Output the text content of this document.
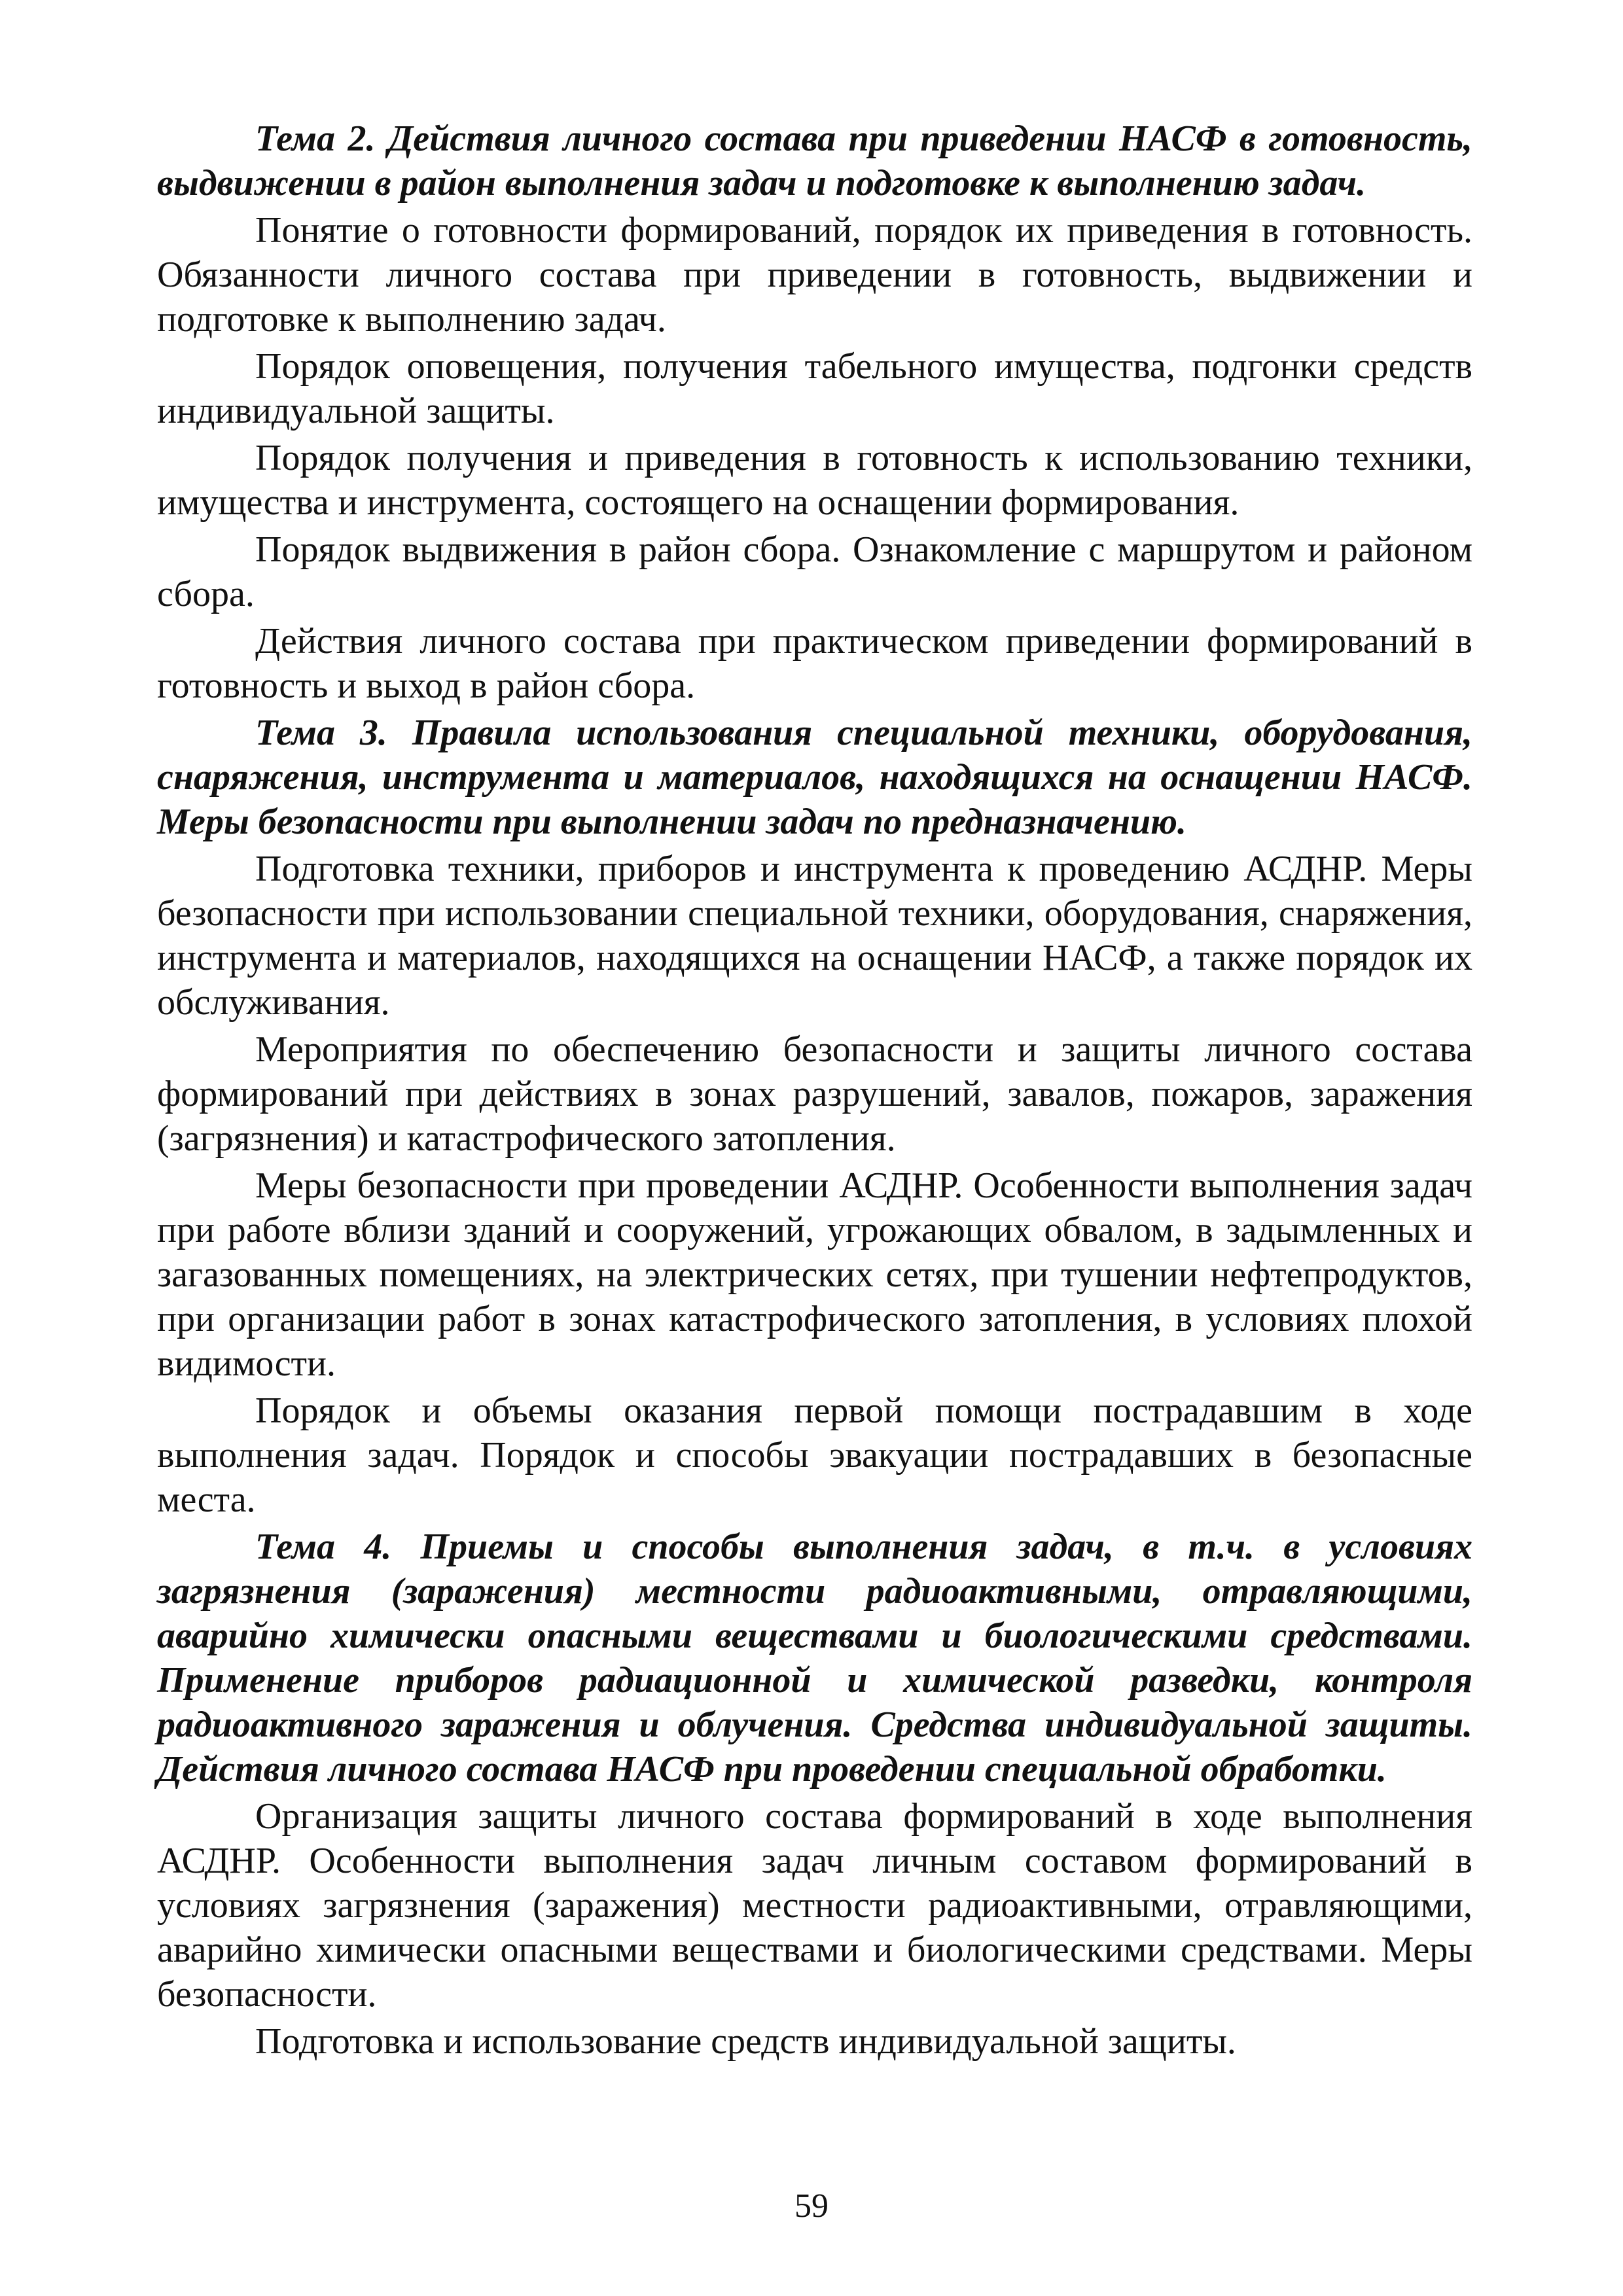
Тема 2. Действия личного состава при приведении НАСФ в готовность, выдвижении в район выполнения задач и подготовке к выполнению задач.

Понятие о готовности формирований, порядок их приведения в готовность. Обязанности личного состава при приведении в готовность, выдвижении и подготовке к выполнению задач.

Порядок оповещения, получения табельного имущества, подгонки средств индивидуальной защиты.

Порядок получения и приведения в готовность к использованию техники, имущества и инструмента, состоящего на оснащении формирования.

Порядок выдвижения в район сбора. Ознакомление с маршрутом и районом сбора.

Действия личного состава при практическом приведении формирований в готовность и выход в район сбора.

Тема 3. Правила использования специальной техники, оборудования, снаряжения, инструмента и материалов, находящихся на оснащении НАСФ. Меры безопасности при выполнении задач по предназначению.

Подготовка техники, приборов и инструмента к проведению АСДНР. Меры безопасности при использовании специальной техники, оборудования, снаряжения, инструмента и материалов, находящихся на оснащении НАСФ, а также порядок их обслуживания.

Мероприятия по обеспечению безопасности и защиты личного состава формирований при действиях в зонах разрушений, завалов, пожаров, заражения (загрязнения) и катастрофического затопления.

Меры безопасности при проведении АСДНР. Особенности выполнения задач при работе вблизи зданий и сооружений, угрожающих обвалом, в задымленных и загазованных помещениях, на электрических сетях, при тушении нефтепродуктов, при организации работ в зонах катастрофического затопления, в условиях плохой видимости.

Порядок и объемы оказания первой помощи пострадавшим в ходе выполнения задач. Порядок и способы эвакуации пострадавших в безопасные места.

Тема 4. Приемы и способы выполнения задач, в т.ч. в условиях загрязнения (заражения) местности радиоактивными, отравляющими, аварийно химически опасными веществами и биологическими средствами. Применение приборов радиационной и химической разведки, контроля радиоактивного заражения и облучения. Средства индивидуальной защиты. Действия личного состава НАСФ при проведении специальной обработки.

Организация защиты личного состава формирований в ходе выполнения АСДНР. Особенности выполнения задач личным составом формирований в условиях загрязнения (заражения) местности радиоактивными, отравляющими, аварийно химически опасными веществами и биологическими средствами. Меры безопасности.

Подготовка и использование средств индивидуальной защиты.

59
